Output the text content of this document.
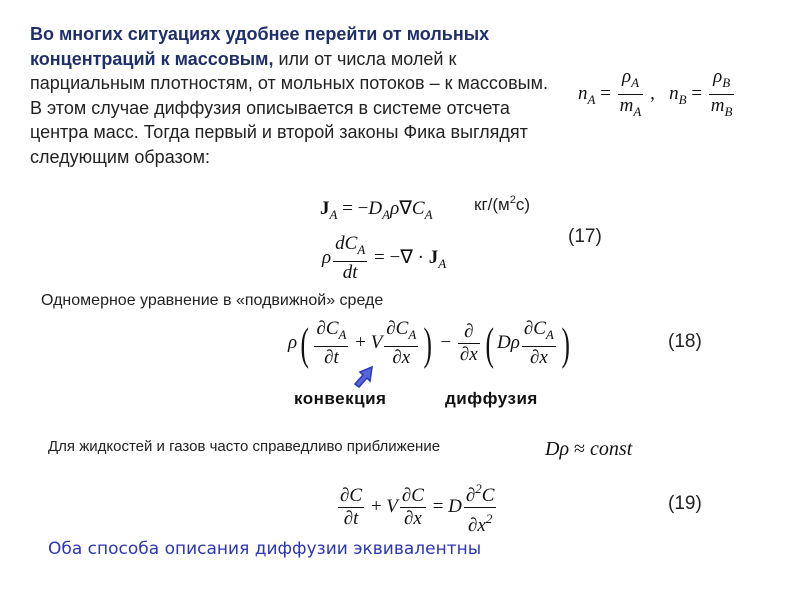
Во многих ситуациях удобнее перейти от мольных концентраций к массовым, или от числа молей к парциальным плотностям, от мольных потоков – к массовым. В этом случае диффузия описывается в системе отсчета центра масс. Тогда первый и второй законы Фика выглядят следующим образом:
$n_A = \frac{\rho_A}{m_A}$ , $n_B = \frac{\rho_B}{m_B}$
$J_A = -D_A\rho\nabla C_A$
$кг/(м^2с)$
(17)
ρ $\frac{dC_A}{dt}$ = −∇ · $J_A$
Одномерное уравнение в «подвижной» среде
$\rho( \frac{\partial C_A}{\partial t} + V \frac{\partial C_A}{\partial x}$ ) − $\frac{\partial}{\partial x}$ ( Dρ $\frac{\partial C_A}{\partial x}$ )	(18)
конвекция	диффузия
Для жидкостей и газов часто справедливо приближение	Dρ ≈ const
$\frac{\partial C}{\partial t} + V \frac{\partial C}{\partial x} = D \frac{\partial^2C}{\partial x^2}$	(19)
Оба способа описания диффузии эквивалентны
